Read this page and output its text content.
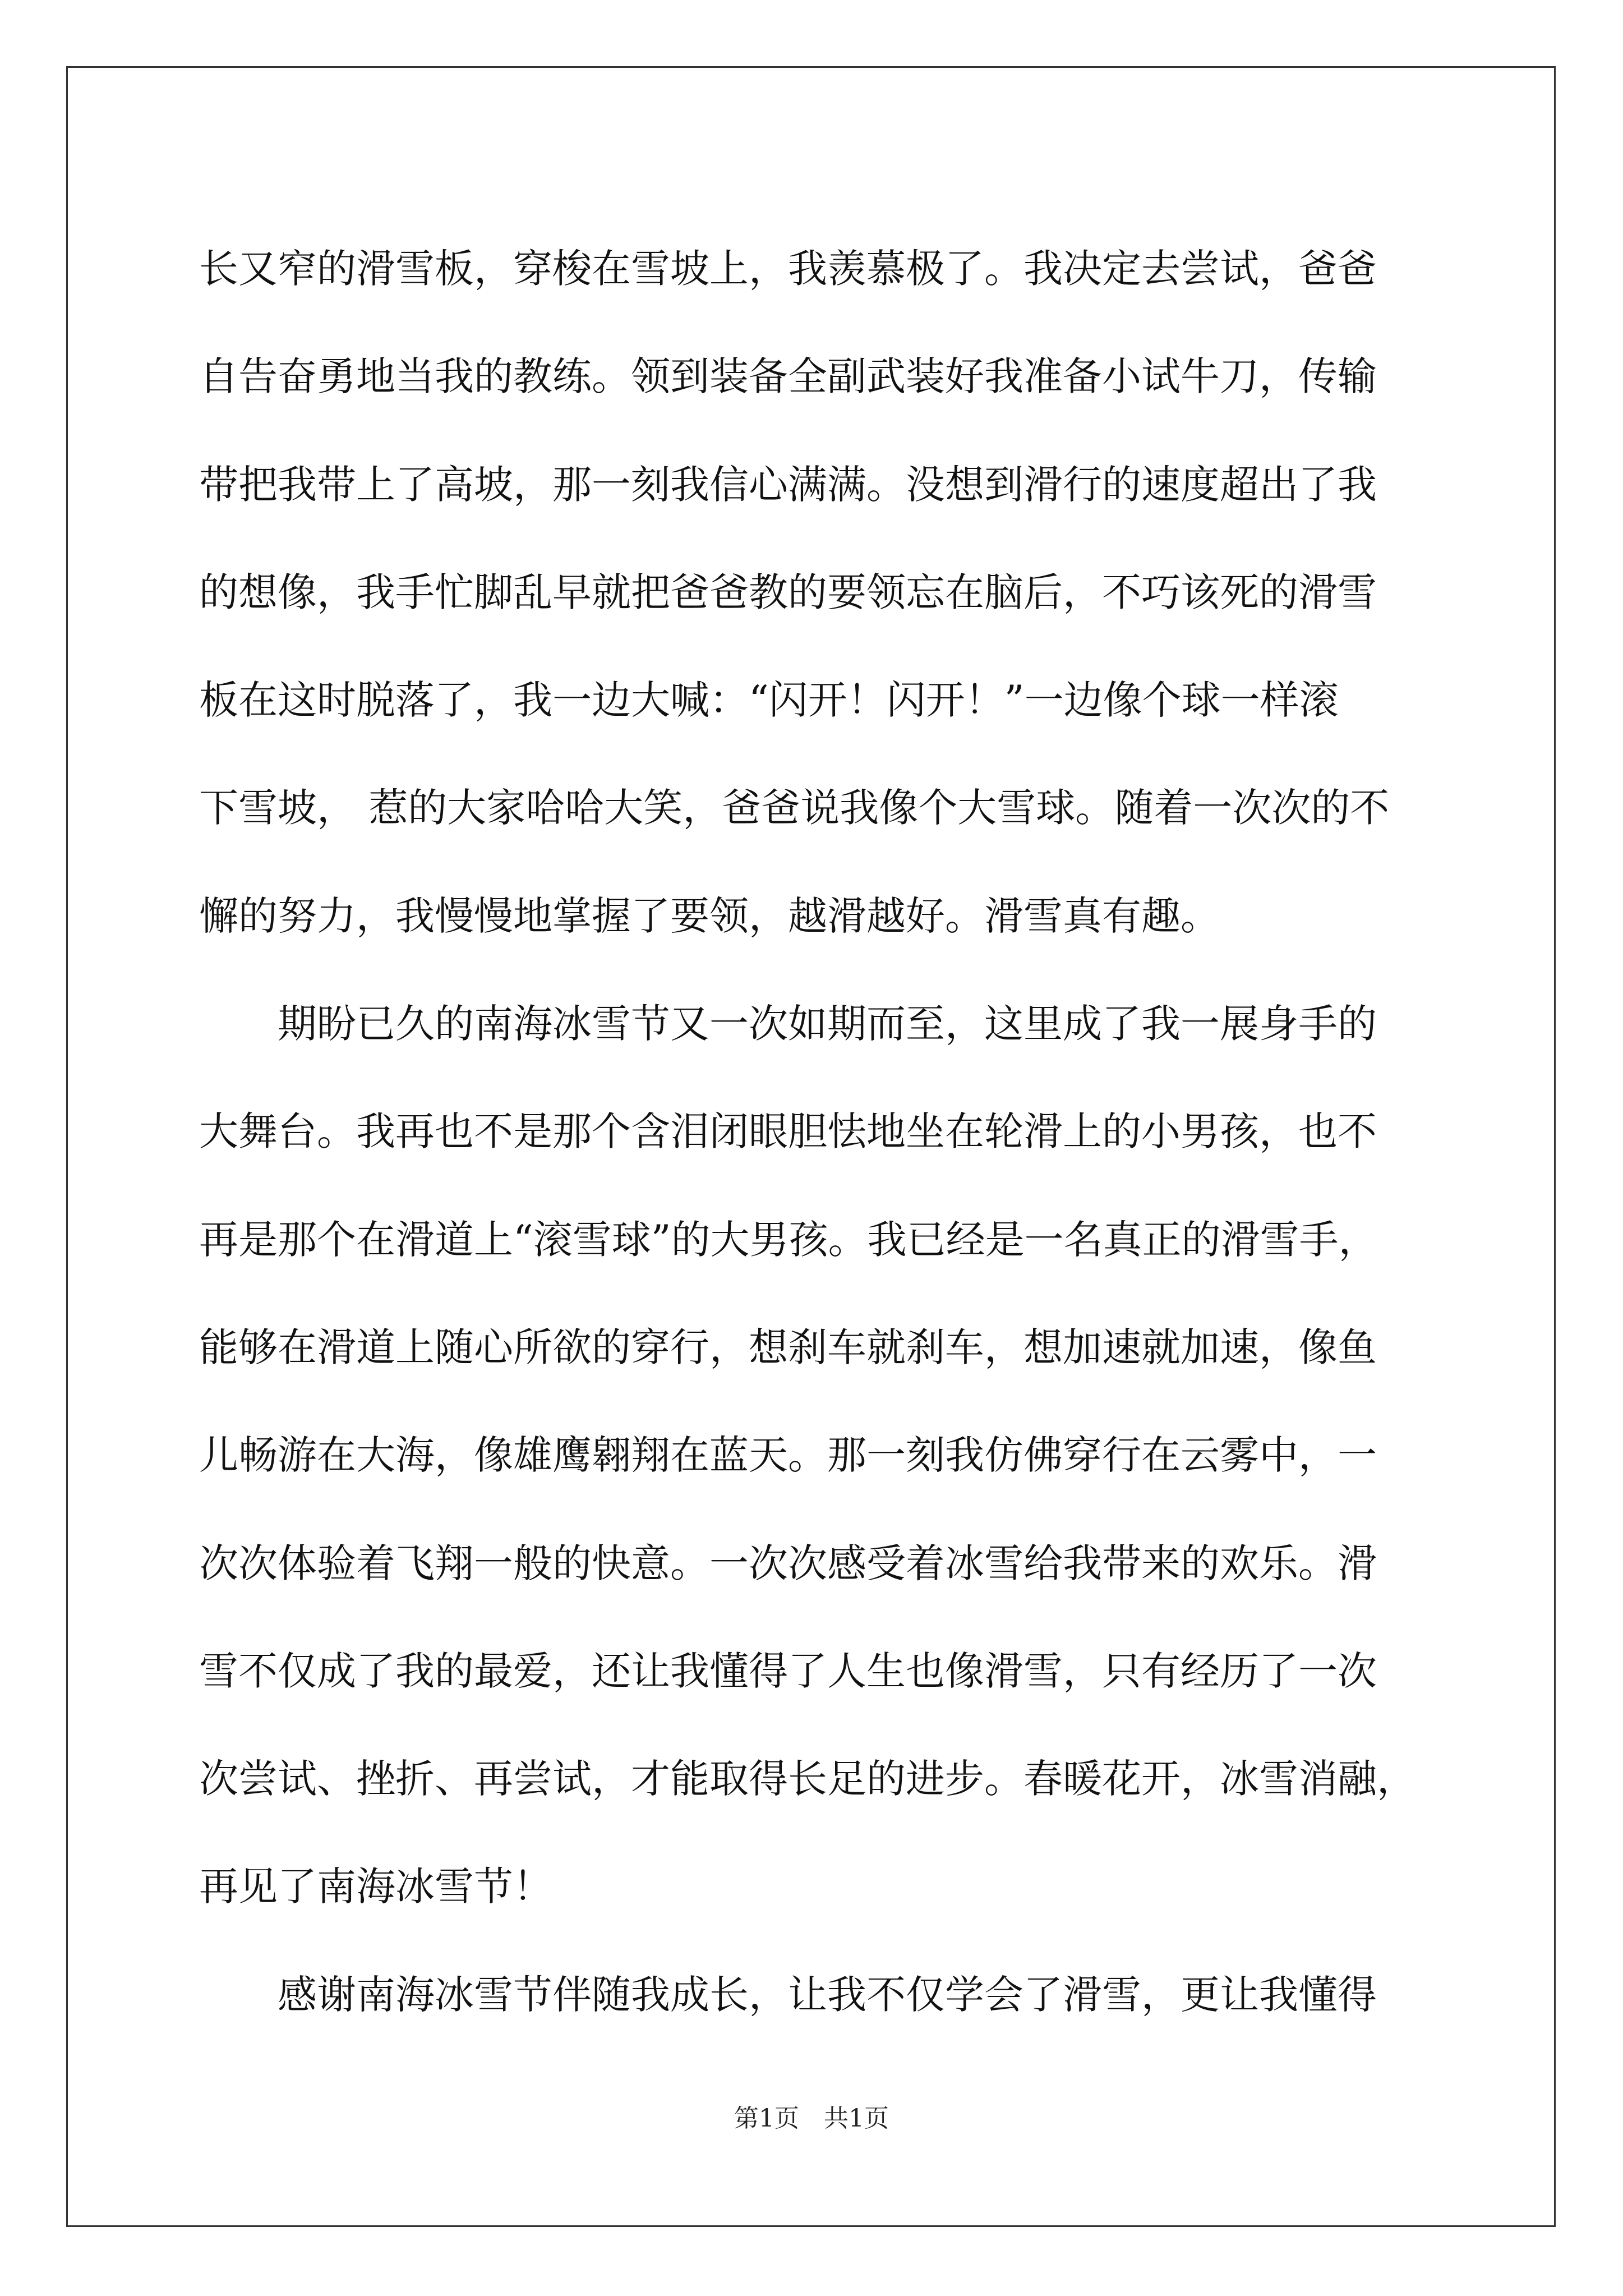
长又窄的滑雪板，穿梭在雪坡上，我羡慕极了。我决定去尝试，爸爸
自告奋勇地当我的教练。领到装备全副武装好我准备小试牛刀，传输
带把我带上了高坡，那一刻我信心满满。没想到滑行的速度超出了我
的想像，我手忙脚乱早就把爸爸教的要领忘在脑后，不巧该死的滑雪
板在这时脱落了，我一边大喊：“闪开！闪开！”一边像个球一样滚
下雪坡， 惹的大家哈哈大笑，爸爸说我像个大雪球。随着一次次的不
懈的努力，我慢慢地掌握了要领，越滑越好。滑雪真有趣。
　　期盼已久的南海冰雪节又一次如期而至，这里成了我一展身手的
大舞台。我再也不是那个含泪闭眼胆怯地坐在轮滑上的小男孩，也不
再是那个在滑道上“滚雪球”的大男孩。我已经是一名真正的滑雪手，
能够在滑道上随心所欲的穿行，想刹车就刹车，想加速就加速，像鱼
儿畅游在大海，像雄鹰翱翔在蓝天。那一刻我仿佛穿行在云雾中，一
次次体验着飞翔一般的快意。一次次感受着冰雪给我带来的欢乐。滑
雪不仅成了我的最爱，还让我懂得了人生也像滑雪，只有经历了一次
次尝试、挫折、再尝试，才能取得长足的进步。春暖花开，冰雪消融，
再见了南海冰雪节！
　　感谢南海冰雪节伴随我成长，让我不仅学会了滑雪，更让我懂得
第1页　共1页
